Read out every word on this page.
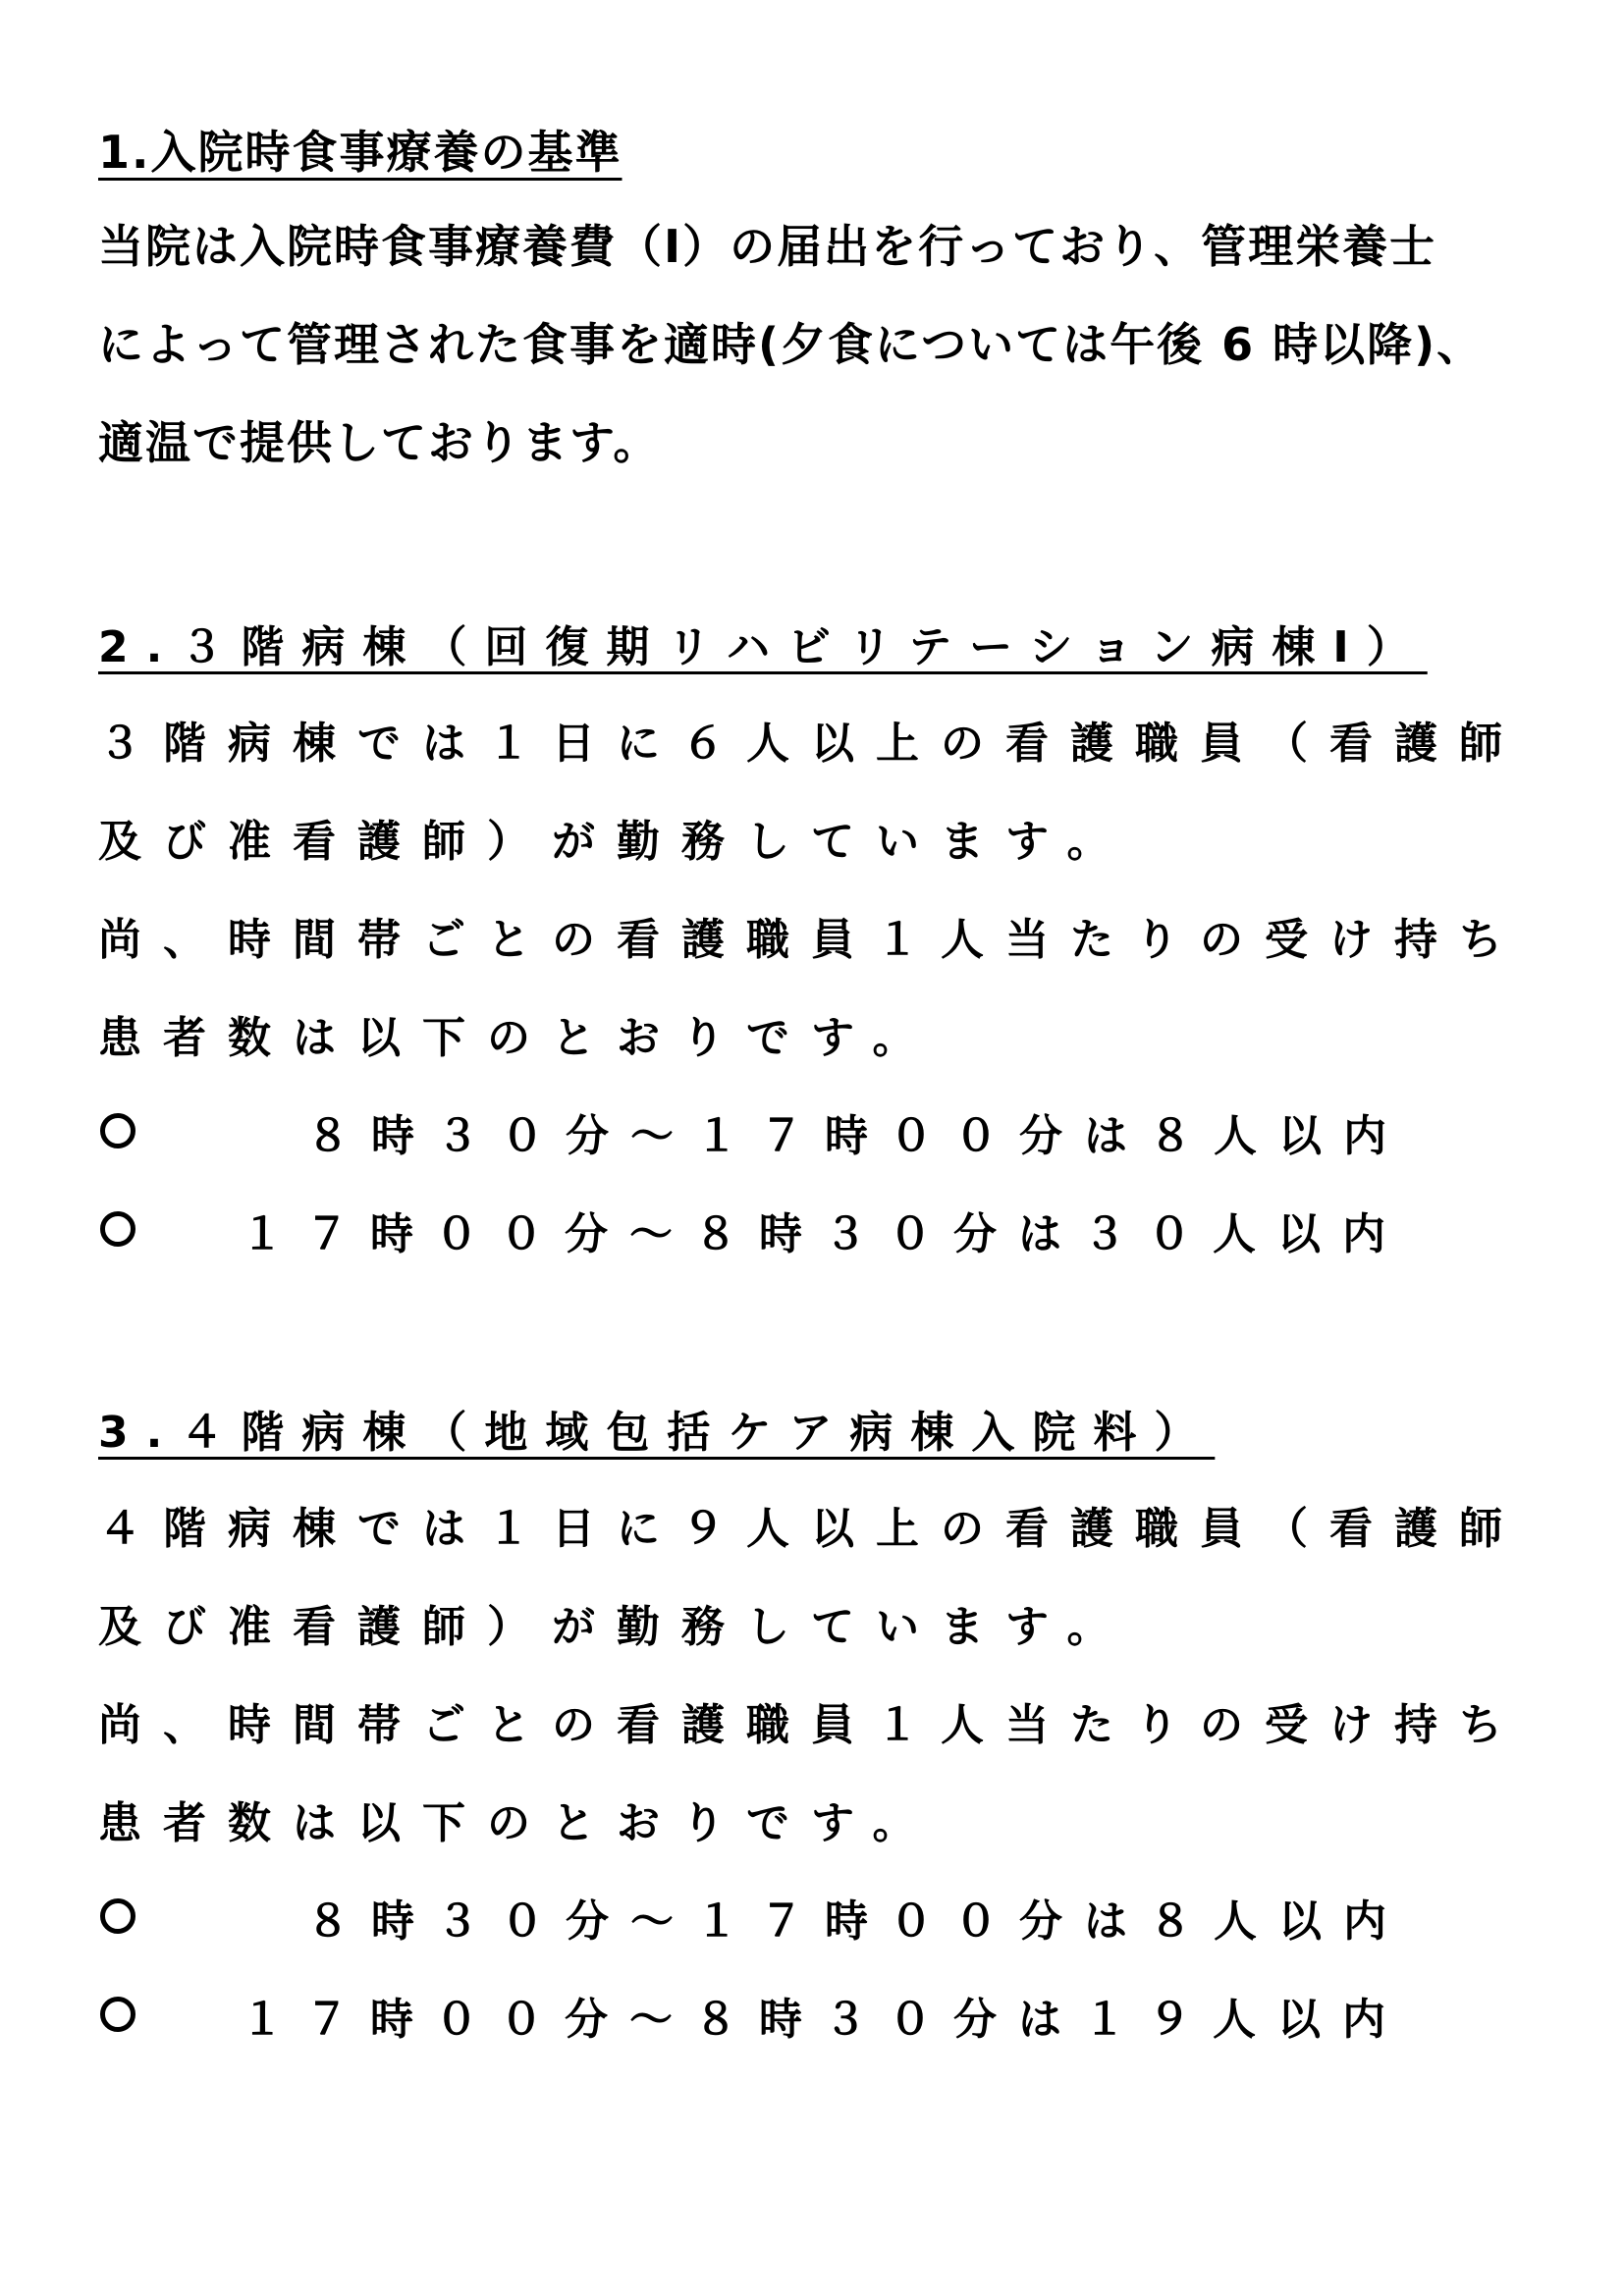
1.入院時食事療養の基準
当院は入院時食事療養費（Ⅰ）の届出を行っており、管理栄養士
によって管理された食事を適時(夕食については午後 6 時以降)、
適温で提供しております。
2.３階病棟（回復期リハビリテーション病棟Ⅰ）
３階病棟では１日に６人以上の看護職員（看護師
及び准看護師）が勤務しています。
尚、時間帯ごとの看護職員１人当たりの受け持ち
患者数は以下のとおりです。
８時３０分～１７時００分は８人以内
１７時００分～８時３０分は３０人以内
3.４階病棟（地域包括ケア病棟入院料）
４階病棟では１日に９人以上の看護職員（看護師
及び准看護師）が勤務しています。
尚、時間帯ごとの看護職員１人当たりの受け持ち
患者数は以下のとおりです。
８時３０分～１７時００分は８人以内
１７時００分～８時３０分は１９人以内
